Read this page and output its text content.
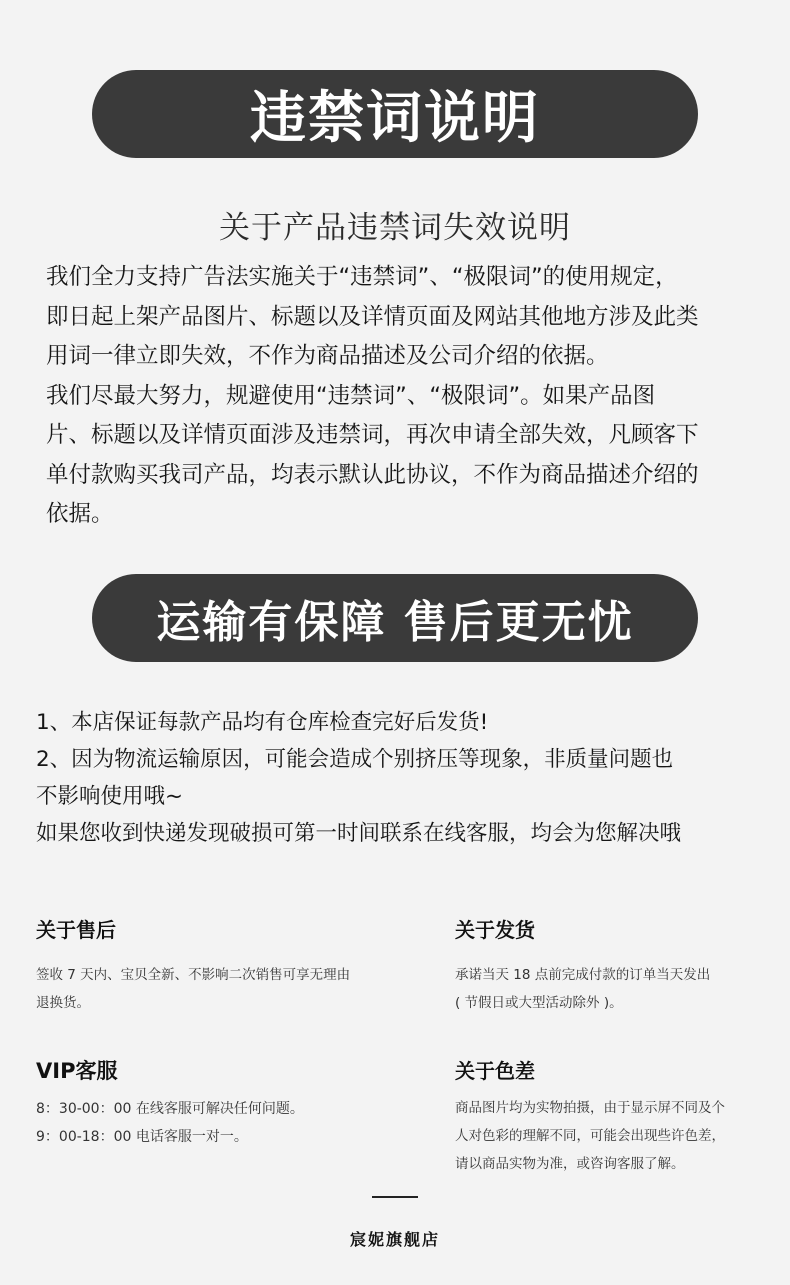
违禁词说明
关于产品违禁词失效说明

我们全力支持广告法实施关于“违禁词”、“极限词”的使用规定，

即日起上架产品图片、标题以及详情页面及网站其他地方涉及此类

用词一律立即失效，不作为商品描述及公司介绍的依据。

我们尽最大努力，规避使用“违禁词”、“极限词”。如果产品图

片、标题以及详情页面涉及违禁词，再次申请全部失效，凡顾客下

单付款购买我司产品，均表示默认此协议，不作为商品描述介绍的

依据。

运输有保障 售后更无忧

1、本店保证每款产品均有仓库检查完好后发货!

2、因为物流运输原因，可能会造成个别挤压等现象，非质量问题也

不影响使用哦~

如果您收到快递发现破损可第一时间联系在线客服，均会为您解决哦

关于售后

签收 7 天内、宝贝全新、不影响二次销售可享无理由

退换货。

关于发货

承诺当天 18 点前完成付款的订单当天发出

( 节假日或大型活动除外 )。

VIP客服

8：30-00：00 在线客服可解决任何问题。

9：00-18：00 电话客服一对一。

关于色差

商品图片均为实物拍摄，由于显示屏不同及个

人对色彩的理解不同，可能会出现些许色差，

请以商品实物为准，或咨询客服了解。

宸妮旗舰店
